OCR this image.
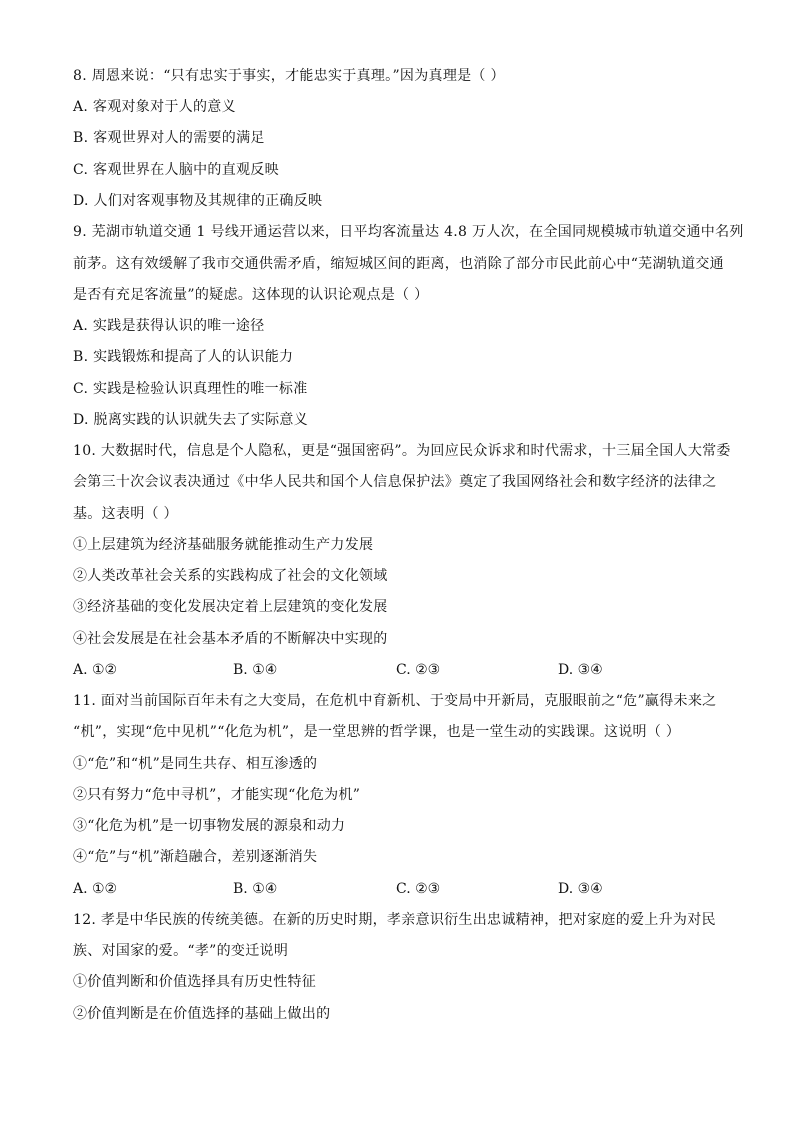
8. 周恩来说：“只有忠实于事实，才能忠实于真理。”因为真理是（ ）
A. 客观对象对于人的意义
B. 客观世界对人的需要的满足
C. 客观世界在人脑中的直观反映
D. 人们对客观事物及其规律的正确反映
9. 芜湖市轨道交通 1 号线开通运营以来，日平均客流量达 4.8 万人次，在全国同规模城市轨道交通中名列
前茅。这有效缓解了我市交通供需矛盾，缩短城区间的距离，也消除了部分市民此前心中“芜湖轨道交通
是否有充足客流量”的疑虑。这体现的认识论观点是（ ）
A. 实践是获得认识的唯一途径
B. 实践锻炼和提高了人的认识能力
C. 实践是检验认识真理性的唯一标准
D. 脱离实践的认识就失去了实际意义
10. 大数据时代，信息是个人隐私，更是“强国密码”。为回应民众诉求和时代需求，十三届全国人大常委
会第三十次会议表决通过《中华人民共和国个人信息保护法》奠定了我国网络社会和数字经济的法律之
基。这表明（ ）
①上层建筑为经济基础服务就能推动生产力发展
②人类改革社会关系的实践构成了社会的文化领域
③经济基础的变化发展决定着上层建筑的变化发展
④社会发展是在社会基本矛盾的不断解决中实现的
A. ①②	B. ①④	C. ②③	D. ③④
11. 面对当前国际百年未有之大变局，在危机中育新机、于变局中开新局，克服眼前之“危”赢得未来之
“机”，实现“危中见机”“化危为机”，是一堂思辨的哲学课，也是一堂生动的实践课。这说明（ ）
①“危”和“机”是同生共存、相互渗透的
②只有努力“危中寻机”，才能实现“化危为机”
③“化危为机”是一切事物发展的源泉和动力
④“危”与“机”渐趋融合，差别逐渐消失
A. ①②	B. ①④	C. ②③	D. ③④
12. 孝是中华民族的传统美德。在新的历史时期，孝亲意识衍生出忠诚精神，把对家庭的爱上升为对民
族、对国家的爱。“孝”的变迁说明
①价值判断和价值选择具有历史性特征
②价值判断是在价值选择的基础上做出的
